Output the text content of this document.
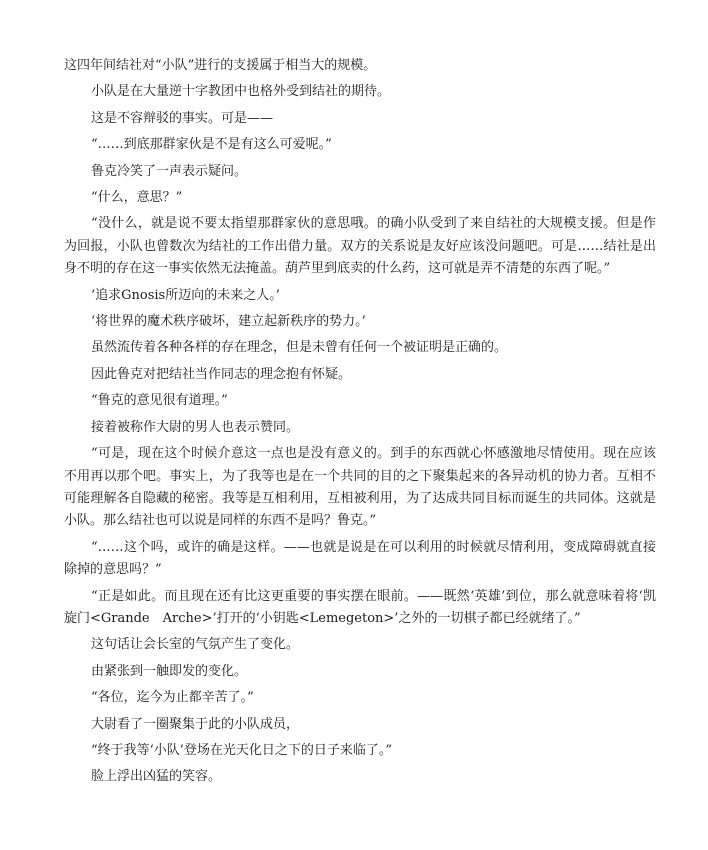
这四年间结社对“小队”进行的支援属于相当大的规模。

小队是在大量逆十字教团中也格外受到结社的期待。

这是不容辩驳的事实。可是——

“……到底那群家伙是不是有这么可爱呢。”

鲁克冷笑了一声表示疑问。

“什么，意思？”

“没什么，就是说不要太指望那群家伙的意思哦。的确小队受到了来自结社的大规模支援。但是作为回报，小队也曾数次为结社的工作出借力量。双方的关系说是友好应该没问题吧。可是……结社是出身不明的存在这一事实依然无法掩盖。葫芦里到底卖的什么药，这可就是弄不清楚的东西了呢。”

‘追求Gnosis所迈向的未来之人。’

‘将世界的魔术秩序破坏，建立起新秩序的势力。’

虽然流传着各种各样的存在理念，但是未曾有任何一个被证明是正确的。

因此鲁克对把结社当作同志的理念抱有怀疑。

“鲁克的意见很有道理。”

接着被称作大尉的男人也表示赞同。

“可是，现在这个时候介意这一点也是没有意义的。到手的东西就心怀感激地尽情使用。现在应该不用再以那个吧。事实上，为了我等也是在一个共同的目的之下聚集起来的各异动机的协力者。互相不可能理解各自隐藏的秘密。我等是互相利用，互相被利用，为了达成共同目标而诞生的共同体。这就是小队。那么结社也可以说是同样的东西不是吗？鲁克。”

“……这个吗，或许的确是这样。——也就是说是在可以利用的时候就尽情利用，变成障碍就直接除掉的意思吗？”

“正是如此。而且现在还有比这更重要的事实摆在眼前。——既然‘英雄’到位，那么就意味着将‘凯旋门<Grande　Arche>’打开的‘小钥匙<Lemegeton>’之外的一切棋子都已经就绪了。”

这句话让会长室的气氛产生了变化。

由紧张到一触即发的变化。

“各位，迄今为止都辛苦了。”

大尉看了一圈聚集于此的小队成员，

“终于我等‘小队’登场在光天化日之下的日子来临了。”

脸上浮出凶猛的笑容。
